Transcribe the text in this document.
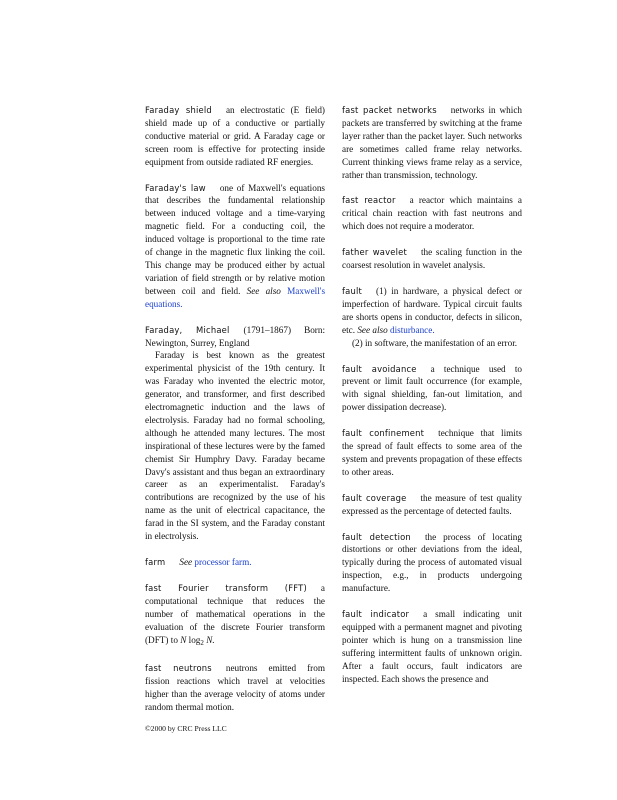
Faraday shield an electrostatic (E field) shield made up of a conductive or partially conductive material or grid. A Faraday cage or screen room is effective for protecting inside equipment from outside radiated RF energies.

Faraday's law one of Maxwell's equations that describes the fundamental relationship between induced voltage and a time-varying magnetic field. For a conducting coil, the induced voltage is proportional to the time rate of change in the magnetic flux linking the coil. This change may be produced either by actual variation of field strength or by relative motion between coil and field. See also Maxwell's equations.

Faraday, Michael (1791–1867) Born: Newington, Surrey, England

Faraday is best known as the greatest experimental physicist of the 19th century. It was Faraday who invented the electric motor, generator, and transformer, and first described electromagnetic induction and the laws of electrolysis. Faraday had no formal schooling, although he attended many lectures. The most inspirational of these lectures were by the famed chemist Sir Humphry Davy. Faraday became Davy's assistant and thus began an extraordinary career as an experimentalist. Faraday's contributions are recognized by the use of his name as the unit of electrical capacitance, the farad in the SI system, and the Faraday constant in electrolysis.

farm See processor farm.

fast Fourier transform (FFT) a computational technique that reduces the number of mathematical operations in the evaluation of the discrete Fourier transform (DFT) to N $\log_2 N$.

fast neutrons neutrons emitted from fission reactions which travel at velocities higher than the average velocity of atoms under random thermal motion.

fast packet networks networks in which packets are transferred by switching at the frame layer rather than the packet layer. Such networks are sometimes called frame relay networks. Current thinking views frame relay as a service, rather than transmission, technology.

fast reactor a reactor which maintains a critical chain reaction with fast neutrons and which does not require a moderator.

father wavelet the scaling function in the coarsest resolution in wavelet analysis.

fault (1) in hardware, a physical defect or imperfection of hardware. Typical circuit faults are shorts opens in conductor, defects in silicon, etc. See also disturbance.

(2) in software, the manifestation of an error.

fault avoidance a technique used to prevent or limit fault occurrence (for example, with signal shielding, fan-out limitation, and power dissipation decrease).

fault confinement technique that limits the spread of fault effects to some area of the system and prevents propagation of these effects to other areas.

fault coverage the measure of test quality expressed as the percentage of detected faults.

fault detection the process of locating distortions or other deviations from the ideal, typically during the process of automated visual inspection, e.g., in products undergoing manufacture.

fault indicator a small indicating unit equipped with a permanent magnet and pivoting pointer which is hung on a transmission line suffering intermittent faults of unknown origin. After a fault occurs, fault indicators are inspected. Each shows the presence and

©2000 by CRC Press LLC
